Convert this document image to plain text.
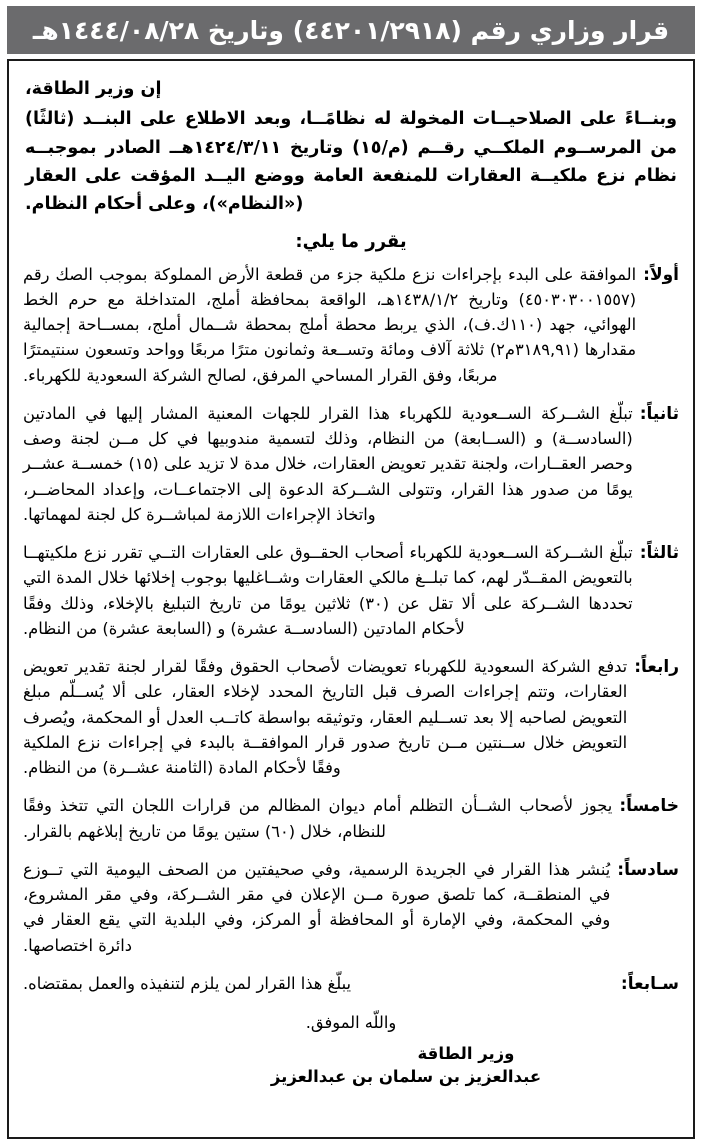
قرار وزاري رقم (٤٤٢٠١/٢٩١٨) وتاريخ ١٤٤٤/٠٨/٢٨هـ
إن وزير الطاقة،
وبنــاءً على الصلاحيــات المخولة له نظامًــا، وبعد الاطلاع على البنــد (ثالثًا) من المرســوم الملكــي رقــم (م/١٥) وتاريخ ١٤٢٤/٣/١١هــ الصادر بموجبــه نظام نزع ملكيــة العقارات للمنفعة العامة ووضع اليــد المؤقت على العقار («النظام»)، وعلى أحكام النظام.
يقرر ما يلي:
أولاً:
الموافقة على البدء بإجراءات نزع ملكية جزء من قطعة الأرض المملوكة بموجب الصك رقم (٤٥٠٣٠٣٠٠١٥٥٧) وتاريخ ١٤٣٨/١/٢هـ، الواقعة بمحافظة أملج، المتداخلة مع حرم الخط الهوائي، جهد (١١٠ك.ف)، الذي يربط محطة أملج بمحطة شــمال أملج، بمســاحة إجمالية مقدارها (٣١٨٩,٩١م٢) ثلاثة آلاف ومائة وتســعة وثمانون مترًا مربعًا وواحد وتسعون سنتيمترًا مربعًا، وفق القرار المساحي المرفق، لصالح الشركة السعودية للكهرباء.
ثانياً:
تبلّغ الشــركة الســعودية للكهرباء هذا القرار للجهات المعنية المشار إليها في المادتين (السادســة) و (الســابعة) من النظام، وذلك لتسمية مندوبيها في كل مــن لجنة وصف وحصر العقــارات، ولجنة تقدير تعويض العقارات، خلال مدة لا تزيد على (١٥) خمســة عشــر يومًا من صدور هذا القرار، وتتولى الشــركة الدعوة إلى الاجتماعــات، وإعداد المحاضــر، واتخاذ الإجراءات اللازمة لمباشــرة كل لجنة لمهماتها.
ثالثاً:
تبلّغ الشــركة الســعودية للكهرباء أصحاب الحقــوق على العقارات التــي تقرر نزع ملكيتهــا بالتعويض المقــدّر لهم، كما تبلــغ مالكي العقارات وشــاغليها بوجوب إخلائها خلال المدة التي تحددها الشــركة على ألا تقل عن (٣٠) ثلاثين يومًا من تاريخ التبليغ بالإخلاء، وذلك وفقًا لأحكام المادتين (السادســة عشرة) و (السابعة عشرة) من النظام.
رابعاً:
تدفع الشركة السعودية للكهرباء تعويضات لأصحاب الحقوق وفقًا لقرار لجنة تقدير تعويض العقارات، وتتم إجراءات الصرف قبل التاريخ المحدد لإخلاء العقار، على ألا يُســلّم مبلغ التعويض لصاحبه إلا بعد تســليم العقار، وتوثيقه بواسطة كاتــب العدل أو المحكمة، ويُصرف التعويض خلال ســنتين مــن تاريخ صدور قرار الموافقــة بالبدء في إجراءات نزع الملكية وفقًا لأحكام المادة (الثامنة عشــرة) من النظام.
خامساً:
يجوز لأصحاب الشــأن التظلم أمام ديوان المظالم من قرارات اللجان التي تتخذ وفقًا للنظام، خلال (٦٠) ستين يومًا من تاريخ إبلاغهم بالقرار.
سادساً:
يُنشر هذا القرار في الجريدة الرسمية، وفي صحيفتين من الصحف اليومية التي تــوزع في المنطقــة، كما تلصق صورة مــن الإعلان في مقر الشــركة، وفي مقر المشروع، وفي المحكمة، وفي الإمارة أو المحافظة أو المركز، وفي البلدية التي يقع العقار في دائرة اختصاصها.
سـابعاً:
يبلّغ هذا القرار لمن يلزم لتنفيذه والعمل بمقتضاه.
واللّه الموفق.
وزير الطاقة
عبدالعزيز بن سلمان بن عبدالعزيز
